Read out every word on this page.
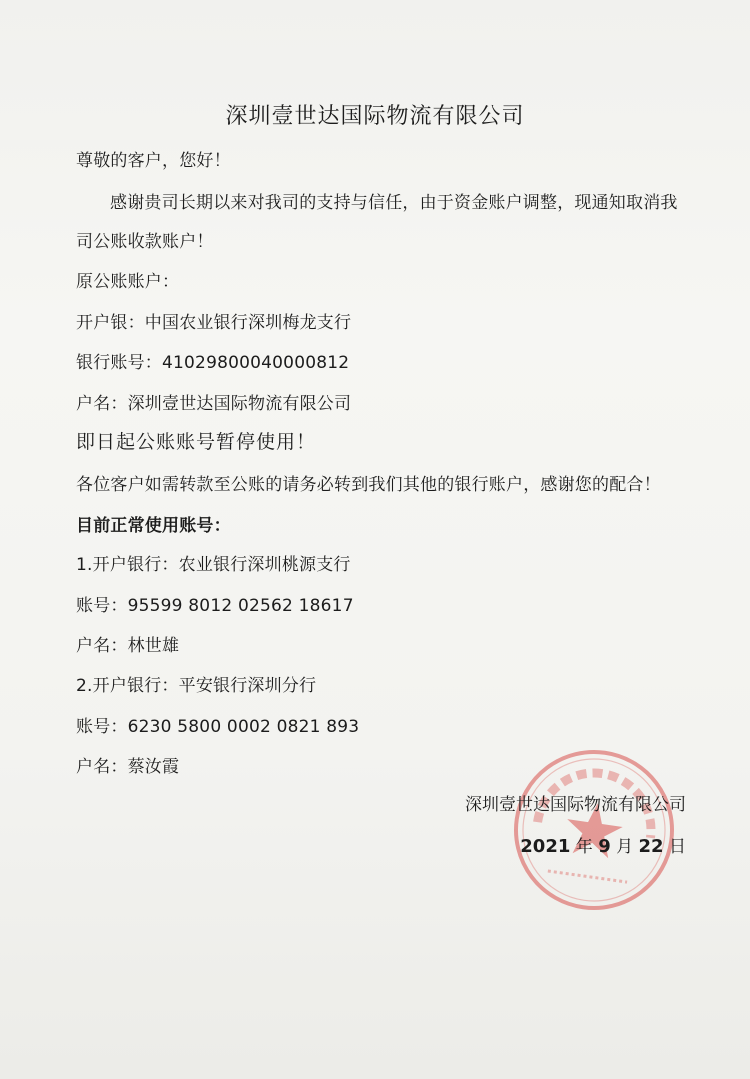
深圳壹世达国际物流有限公司
尊敬的客户，您好！
感谢贵司长期以来对我司的支持与信任，由于资金账户调整，现通知取消我
司公账收款账户！
原公账账户：
开户银：中国农业银行深圳梅龙支行
银行账号：41029800040000812
户名：深圳壹世达国际物流有限公司
即日起公账账号暂停使用！
各位客户如需转款至公账的请务必转到我们其他的银行账户，感谢您的配合！
目前正常使用账号：
1.开户银行：农业银行深圳桃源支行
账号：95599 8012 02562 18617
户名：林世雄
2.开户银行：平安银行深圳分行
账号：6230 5800 0002 0821 893
户名：蔡汝霞
深圳壹世达国际物流有限公司
2021 年 9 月 22 日
